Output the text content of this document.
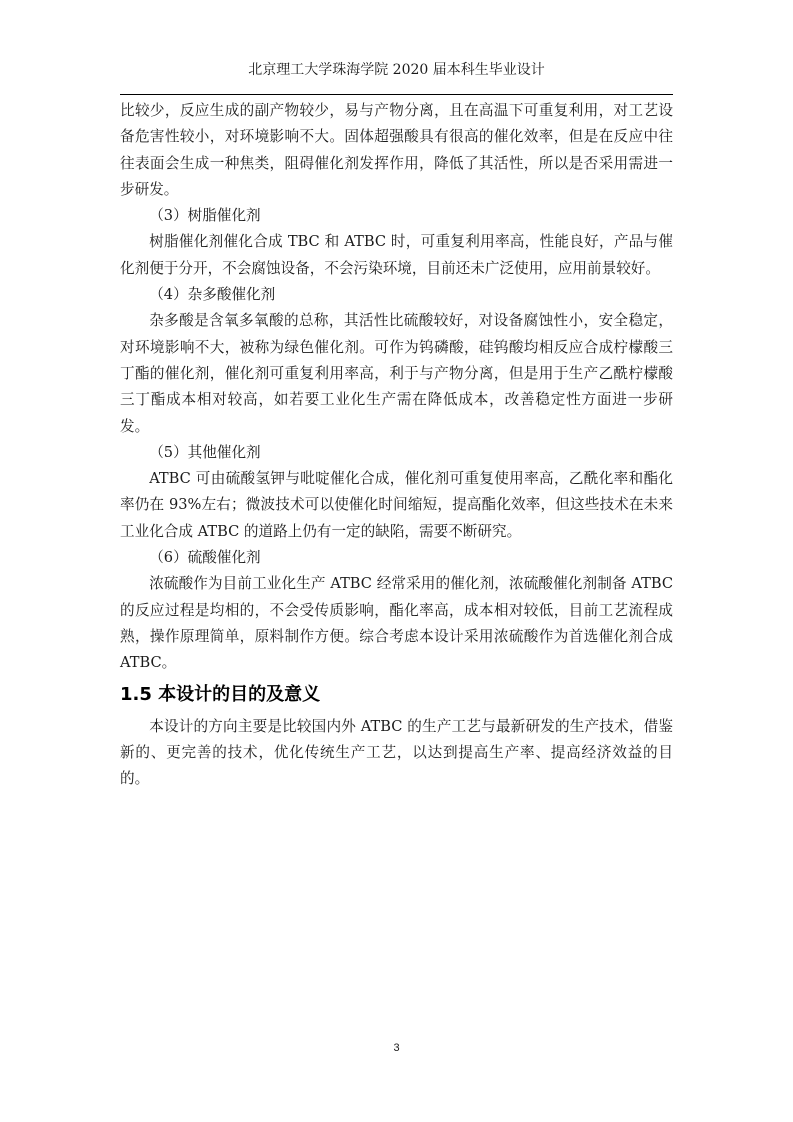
北京理工大学珠海学院 2020 届本科生毕业设计

比较少，反应生成的副产物较少，易与产物分离，且在高温下可重复利用，对工艺设备危害性较小，对环境影响不大。固体超强酸具有很高的催化效率，但是在反应中往往表面会生成一种焦类，阻碍催化剂发挥作用，降低了其活性，所以是否采用需进一步研发。

（3）树脂催化剂

树脂催化剂催化合成 TBC 和 ATBC 时，可重复利用率高，性能良好，产品与催化剂便于分开，不会腐蚀设备，不会污染环境，目前还未广泛使用，应用前景较好。

（4）杂多酸催化剂

杂多酸是含氧多氧酸的总称，其活性比硫酸较好，对设备腐蚀性小，安全稳定，对环境影响不大，被称为绿色催化剂。可作为钨磷酸，硅钨酸均相反应合成柠檬酸三丁酯的催化剂，催化剂可重复利用率高，利于与产物分离，但是用于生产乙酰柠檬酸三丁酯成本相对较高，如若要工业化生产需在降低成本，改善稳定性方面进一步研发。

（5）其他催化剂

ATBC 可由硫酸氢钾与吡啶催化合成，催化剂可重复使用率高，乙酰化率和酯化率仍在 93%左右；微波技术可以使催化时间缩短，提高酯化效率，但这些技术在未来工业化合成 ATBC 的道路上仍有一定的缺陷，需要不断研究。

（6）硫酸催化剂

浓硫酸作为目前工业化生产 ATBC 经常采用的催化剂，浓硫酸催化剂制备 ATBC 的反应过程是均相的，不会受传质影响，酯化率高，成本相对较低，目前工艺流程成熟，操作原理简单，原料制作方便。综合考虑本设计采用浓硫酸作为首选催化剂合成 ATBC。

1.5 本设计的目的及意义

本设计的方向主要是比较国内外 ATBC 的生产工艺与最新研发的生产技术，借鉴新的、更完善的技术，优化传统生产工艺，以达到提高生产率、提高经济效益的目的。

3
